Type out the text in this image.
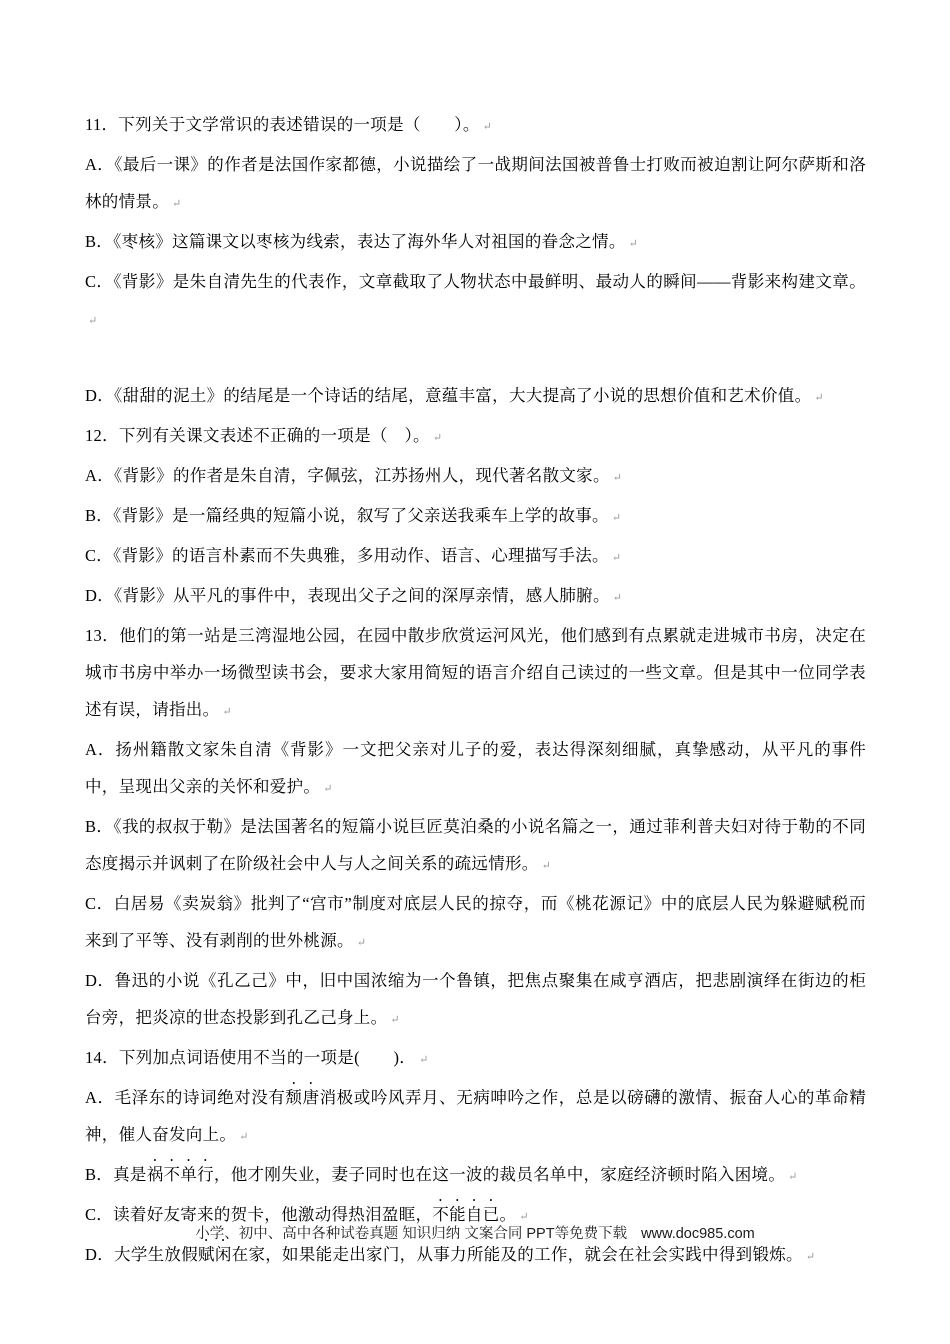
11．下列关于文学常识的表述错误的一项是（　　）。 ↵

A．《最后一课》的作者是法国作家都德，小说描绘了一战期间法国被普鲁士打败而被迫割让阿尔萨斯和洛林的情景。 ↵

B．《枣核》这篇课文以枣核为线索，表达了海外华人对祖国的眷念之情。 ↵

C．《背影》是朱自清先生的代表作，文章截取了人物状态中最鲜明、最动人的瞬间——背影来构建文章。↵

D．《甜甜的泥土》的结尾是一个诗话的结尾，意蕴丰富，大大提高了小说的思想价值和艺术价值。 ↵

12．下列有关课文表述不正确的一项是（　）。 ↵

A．《背影》的作者是朱自清，字佩弦，江苏扬州人，现代著名散文家。 ↵

B．《背影》是一篇经典的短篇小说，叙写了父亲送我乘车上学的故事。 ↵

C．《背影》的语言朴素而不失典雅，多用动作、语言、心理描写手法。 ↵

D．《背影》从平凡的事件中，表现出父子之间的深厚亲情，感人肺腑。 ↵

13．他们的第一站是三湾湿地公园，在园中散步欣赏运河风光，他们感到有点累就走进城市书房，决定在城市书房中举办一场微型读书会，要求大家用简短的语言介绍自己读过的一些文章。但是其中一位同学表述有误，请指出。 ↵

A．扬州籍散文家朱自清《背影》一文把父亲对儿子的爱，表达得深刻细腻，真挚感动，从平凡的事件中，呈现出父亲的关怀和爱护。 ↵

B．《我的叔叔于勒》是法国著名的短篇小说巨匠莫泊桑的小说名篇之一，通过菲利普夫妇对待于勒的不同态度揭示并讽刺了在阶级社会中人与人之间关系的疏远情形。 ↵

C．白居易《卖炭翁》批判了“宫市”制度对底层人民的掠夺，而《桃花源记》中的底层人民为躲避赋税而来到了平等、没有剥削的世外桃源。 ↵

D．鲁迅的小说《孔乙己》中，旧中国浓缩为一个鲁镇，把焦点聚集在咸亨酒店，把悲剧演绎在街边的柜台旁，把炎凉的世态投影到孔乙己身上。 ↵

14．下列加点词语使用不当的一项是(　　)． ↵

A．毛泽东的诗词绝对没有颓唐消极或吟风弄月、无病呻吟之作，总是以磅礴的激情、振奋人心的革命精神，催人奋发向上。 ↵

B．真是祸不单行，他才刚失业，妻子同时也在这一波的裁员名单中，家庭经济顿时陷入困境。 ↵

C．读着好友寄来的贺卡，他激动得热泪盈眶，不能自已。 ↵

D．大学生放假赋闲在家，如果能走出家门，从事力所能及的工作，就会在社会实践中得到锻炼。 ↵

小学、初中、高中各种试卷真题 知识归纳 文案合同 PPT等免费下载 www.doc985.com
